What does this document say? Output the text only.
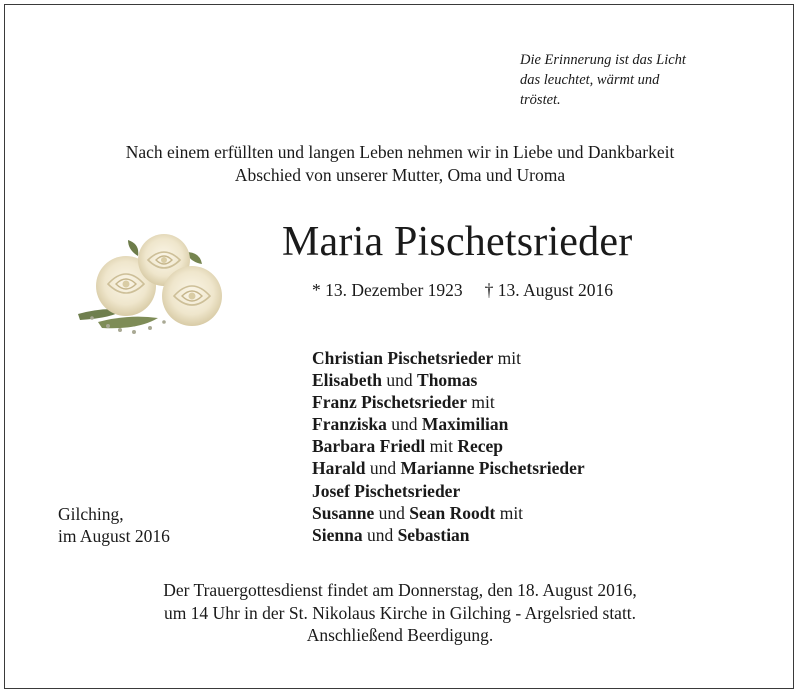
Die Erinnerung ist das Licht
das leuchtet, wärmt und
tröstet.
Nach einem erfüllten und langen Leben nehmen wir in Liebe und Dankbarkeit
Abschied von unserer Mutter, Oma und Uroma
Maria Pischetsrieder
* 13. Dezember 1923 † 13. August 2016
Christian Pischetsrieder mit
Elisabeth und Thomas
Franz Pischetsrieder mit
Franziska und Maximilian
Barbara Friedl mit Recep
Harald und Marianne Pischetsrieder
Josef Pischetsrieder
Susanne und Sean Roodt mit
Sienna und Sebastian
Gilching,
im August 2016
Der Trauergottesdienst findet am Donnerstag, den 18. August 2016,
um 14 Uhr in der St. Nikolaus Kirche in Gilching - Argelsried statt.
Anschließend Beerdigung.
